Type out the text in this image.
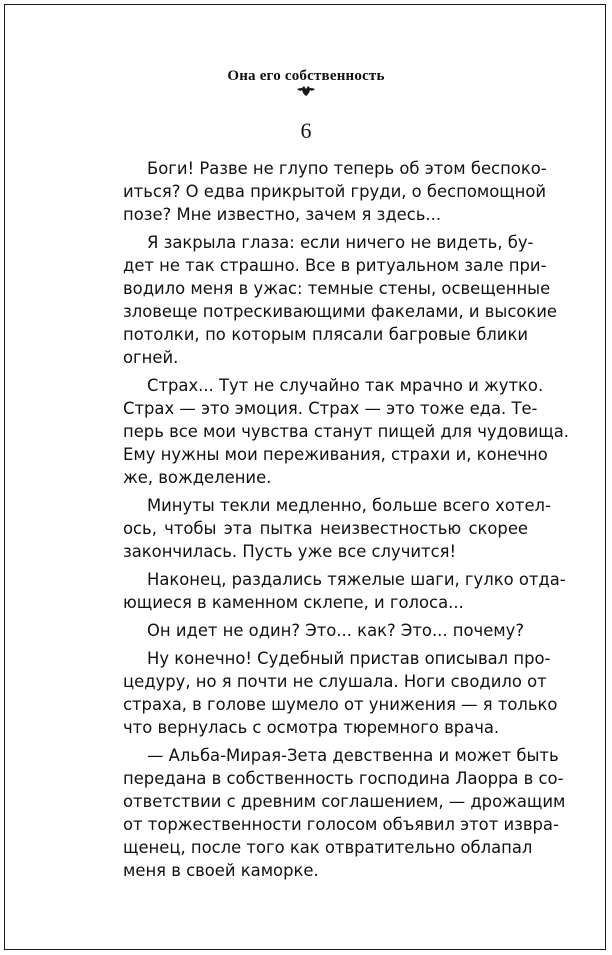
Она его собственность
6
Боги! Разве не глупо теперь об этом беспоко-
иться? О едва прикрытой груди, о беспомощной
позе? Мне известно, зачем я здесь...
Я закрыла глаза: если ничего не видеть, бу-
дет не так страшно. Все в ритуальном зале при-
водило меня в ужас: темные стены, освещенные
зловеще потрескивающими факелами, и высокие
потолки, по которым плясали багровые блики
огней.
Страх... Тут не случайно так мрачно и жутко.
Страх — это эмоция. Страх — это тоже еда. Те-
перь все мои чувства станут пищей для чудовища.
Ему нужны мои переживания, страхи и, конечно
же, вожделение.
Минуты текли медленно, больше всего хотел-
ось, чтобы эта пытка неизвестностью скорее
закончилась. Пусть уже все случится!
Наконец, раздались тяжелые шаги, гулко отда-
ющиеся в каменном склепе, и голоса...
Он идет не один? Это... как? Это... почему?
Ну конечно! Судебный пристав описывал про-
цедуру, но я почти не слушала. Ноги сводило от
страха, в голове шумело от унижения — я только
что вернулась с осмотра тюремного врача.
— Альба-Мирая-Зета девственна и может быть
передана в собственность господина Лаорра в со-
ответствии с древним соглашением, — дрожащим
от торжественности голосом объявил этот извра-
щенец, после того как отвратительно облапал
меня в своей каморке.
